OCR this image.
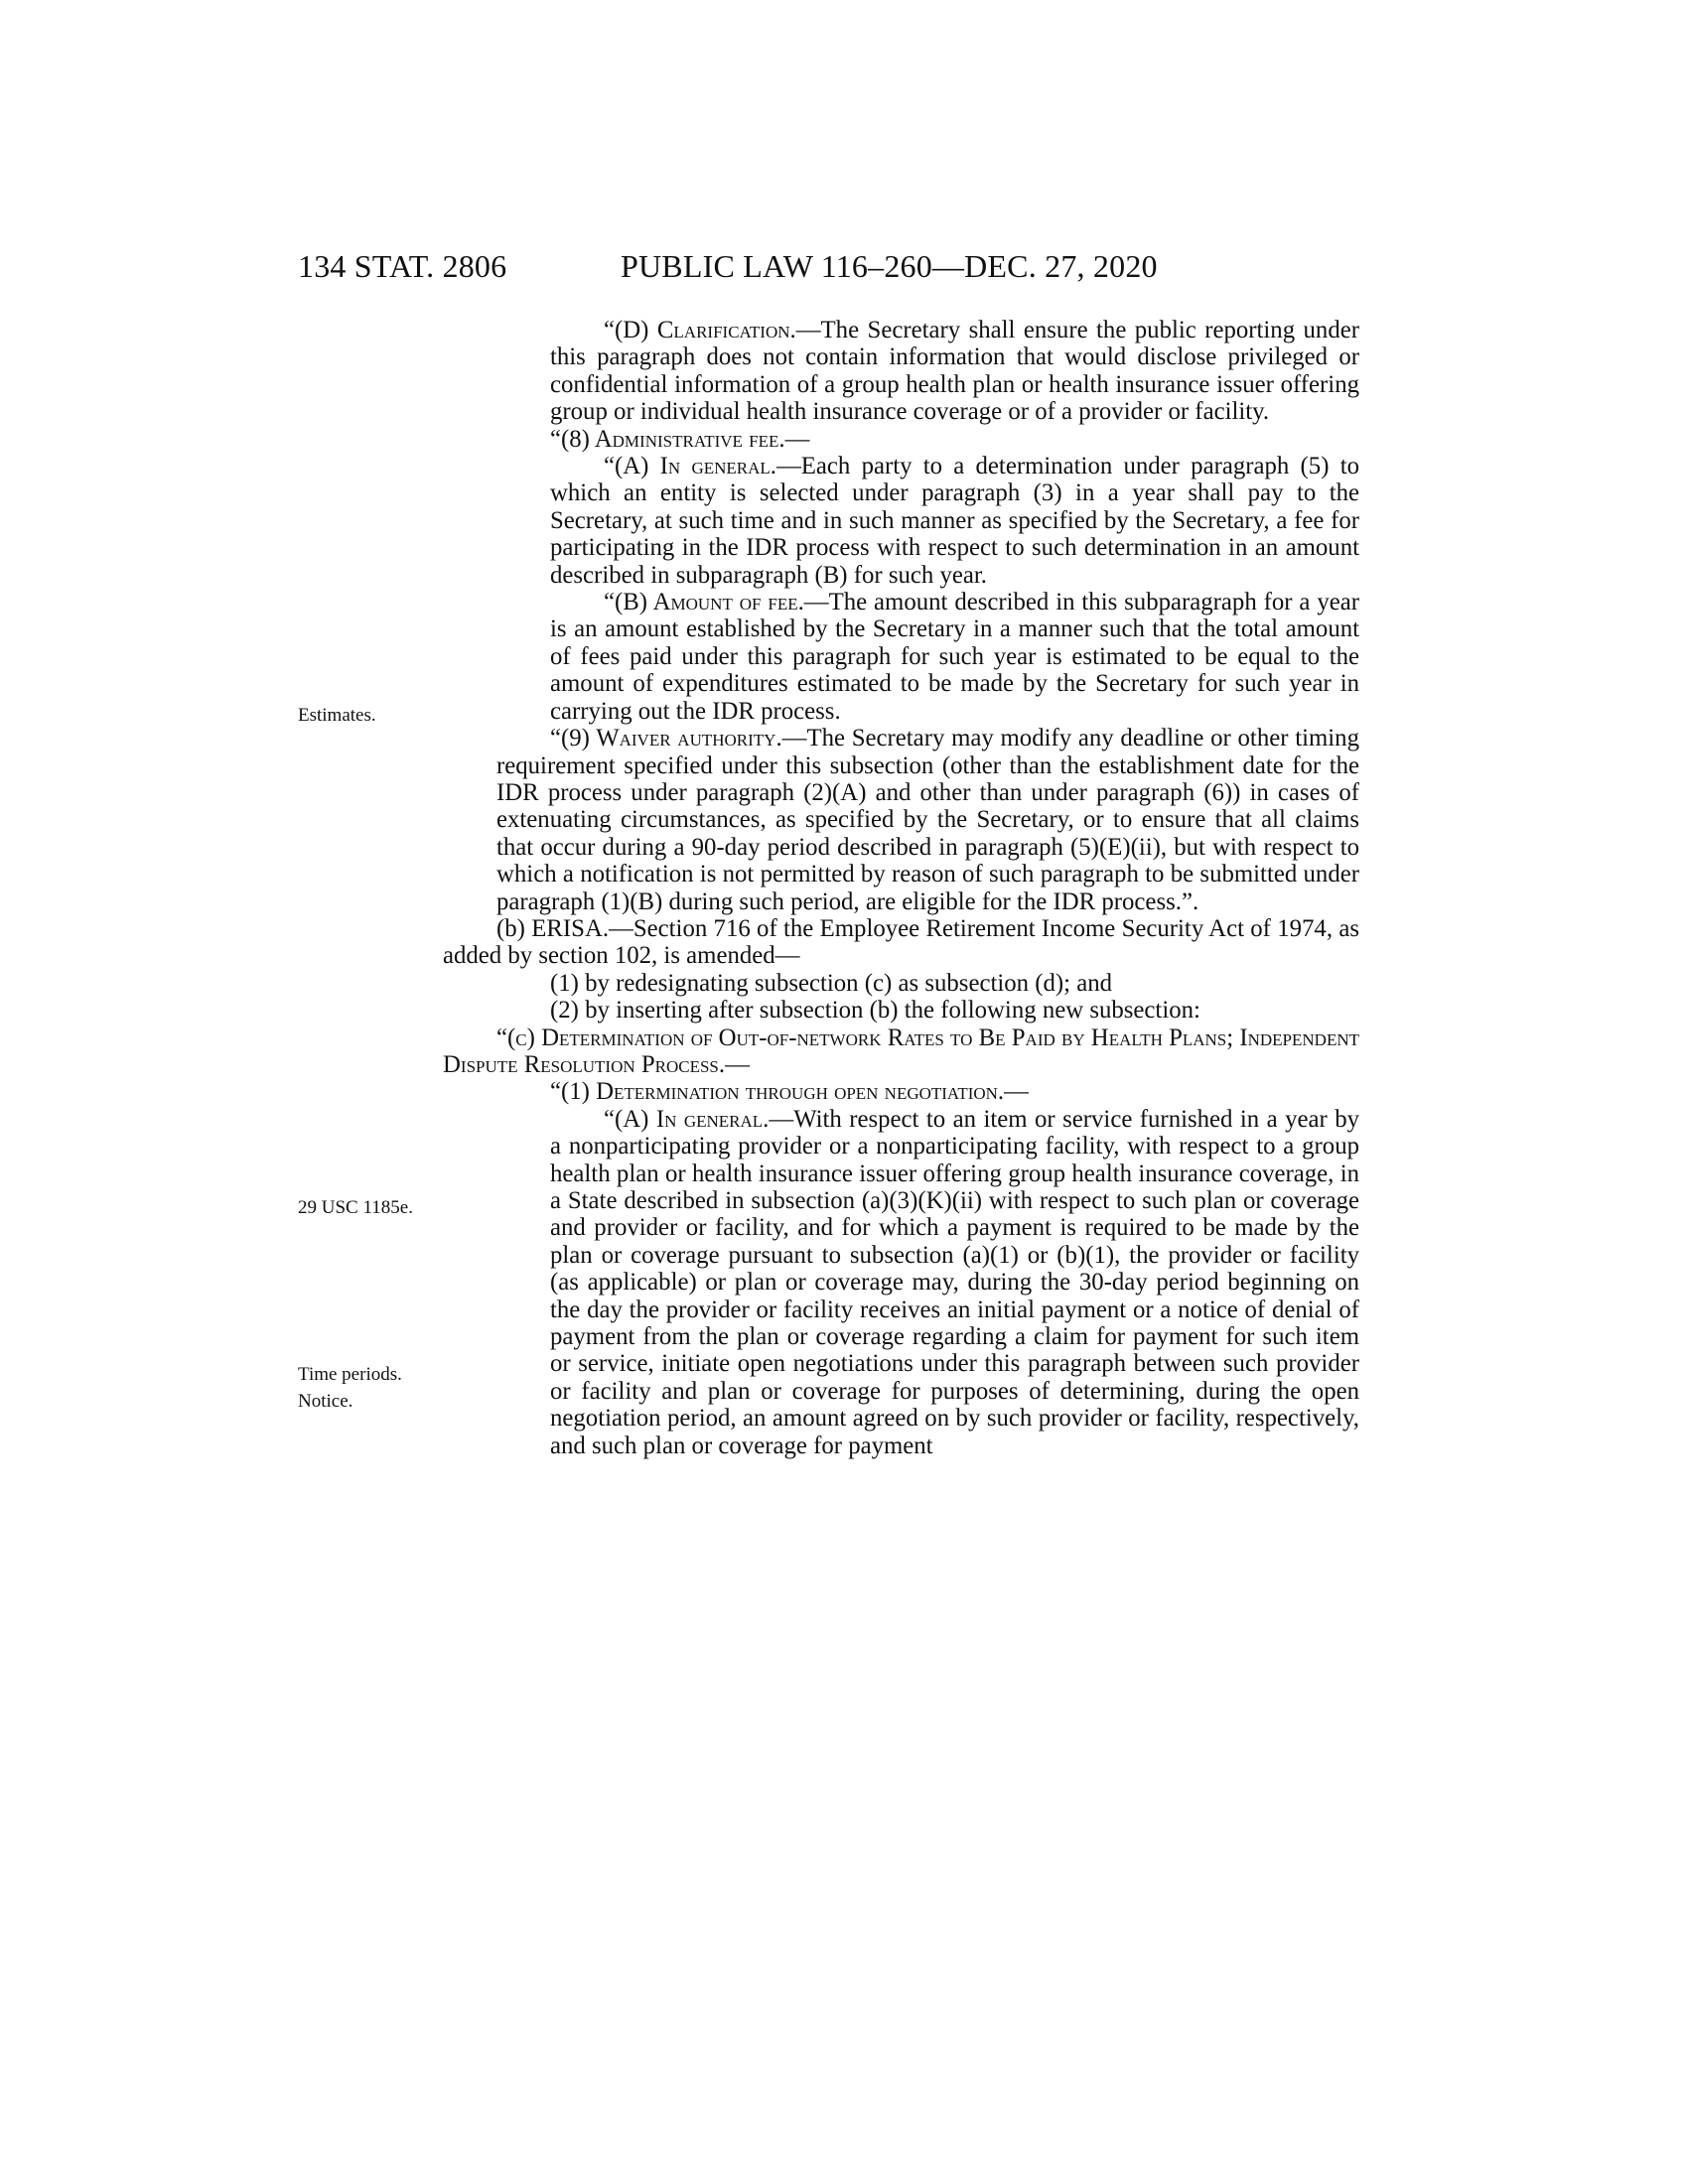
134 STAT. 2806	PUBLIC LAW 116–260—DEC. 27, 2020
Estimates.
29 USC 1185e.
Time periods.
Notice.

“(D) Clarification.—The Secretary shall ensure the public reporting under this paragraph does not contain information that would disclose privileged or confidential information of a group health plan or health insurance issuer offering group or individual health insurance coverage or of a provider or facility.

“(8) Administrative fee.—

“(A) In general.—Each party to a determination under paragraph (5) to which an entity is selected under paragraph (3) in a year shall pay to the Secretary, at such time and in such manner as specified by the Secretary, a fee for participating in the IDR process with respect to such determination in an amount described in subparagraph (B) for such year.

“(B) Amount of fee.—The amount described in this subparagraph for a year is an amount established by the Secretary in a manner such that the total amount of fees paid under this paragraph for such year is estimated to be equal to the amount of expenditures estimated to be made by the Secretary for such year in carrying out the IDR process.

“(9) Waiver authority.—The Secretary may modify any deadline or other timing requirement specified under this subsection (other than the establishment date for the IDR process under paragraph (2)(A) and other than under paragraph (6)) in cases of extenuating circumstances, as specified by the Secretary, or to ensure that all claims that occur during a 90-day period described in paragraph (5)(E)(ii), but with respect to which a notification is not permitted by reason of such paragraph to be submitted under paragraph (1)(B) during such period, are eligible for the IDR process.”.

(b) ERISA.—Section 716 of the Employee Retirement Income Security Act of 1974, as added by section 102, is amended—

(1) by redesignating subsection (c) as subsection (d); and

(2) by inserting after subsection (b) the following new subsection:

“(c) Determination of Out-of-network Rates to Be Paid by Health Plans; Independent Dispute Resolution Process.—

“(1) Determination through open negotiation.—

“(A) In general.—With respect to an item or service furnished in a year by a nonparticipating provider or a nonparticipating facility, with respect to a group health plan or health insurance issuer offering group health insurance coverage, in a State described in subsection (a)(3)(K)(ii) with respect to such plan or coverage and provider or facility, and for which a payment is required to be made by the plan or coverage pursuant to subsection (a)(1) or (b)(1), the provider or facility (as applicable) or plan or coverage may, during the 30-day period beginning on the day the provider or facility receives an initial payment or a notice of denial of payment from the plan or coverage regarding a claim for payment for such item or service, initiate open negotiations under this paragraph between such provider or facility and plan or coverage for purposes of determining, during the open negotiation period, an amount agreed on by such provider or facility, respectively, and such plan or coverage for payment
